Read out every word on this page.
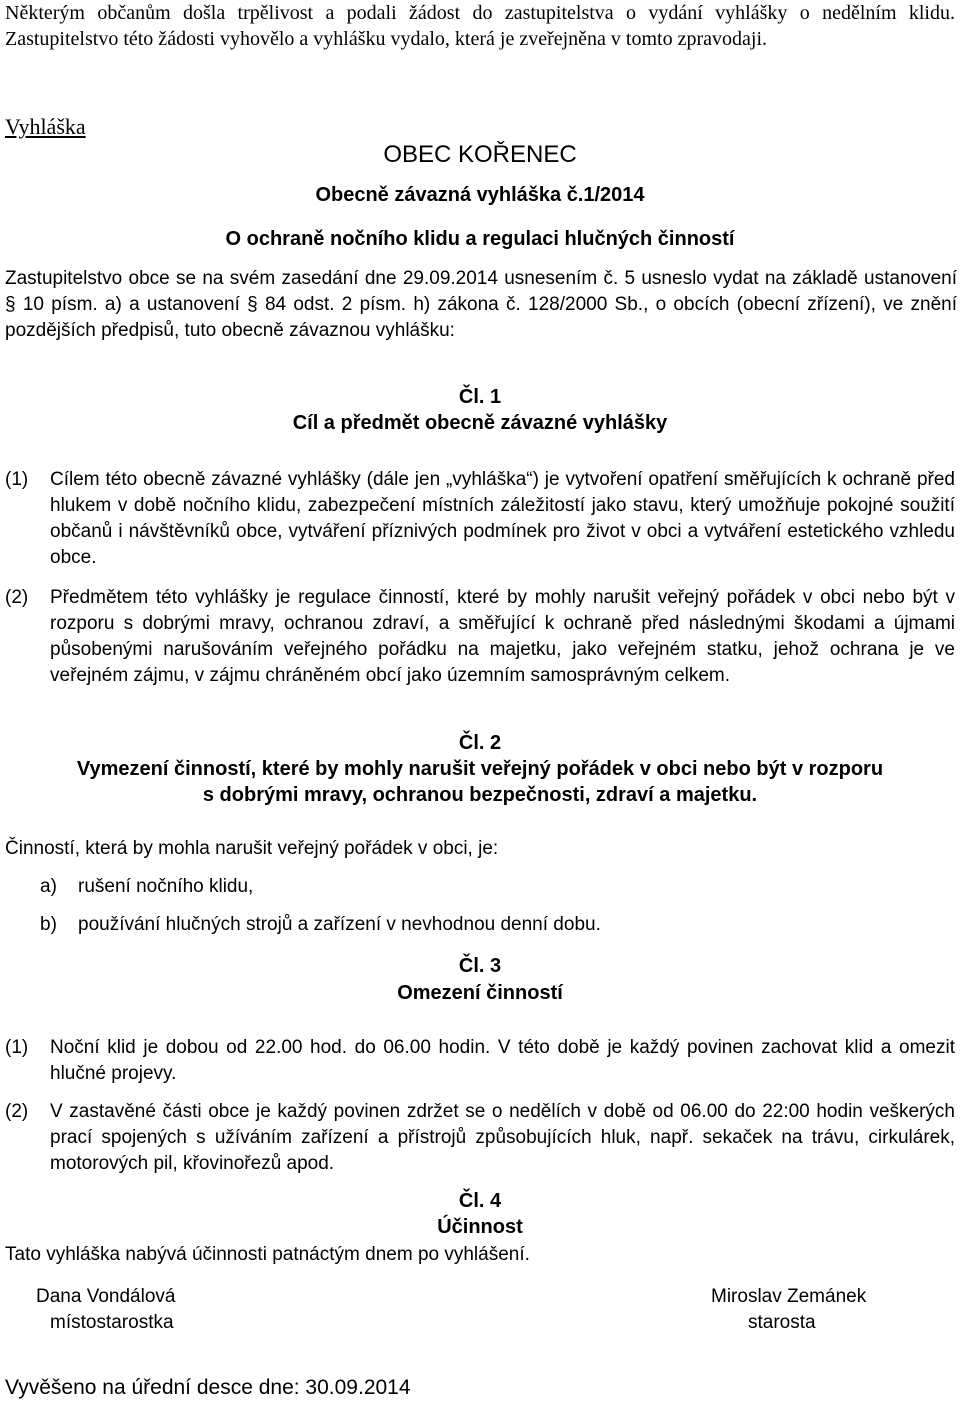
Některým občanům došla trpělivost a podali žádost do zastupitelstva o vydání vyhlášky o nedělním klidu. Zastupitelstvo této žádosti vyhovělo a vyhlášku vydalo, která je zveřejněna v tomto zpravodaji.
Vyhláška
OBEC KOŘENEC
Obecně závazná vyhláška č.1/2014
O ochraně nočního klidu a regulaci hlučných činností
Zastupitelstvo obce se na svém zasedání dne 29.09.2014 usnesením č. 5 usneslo vydat na základě ustanovení § 10 písm. a) a ustanovení § 84 odst. 2 písm. h) zákona č. 128/2000 Sb., o obcích (obecní zřízení), ve znění pozdějších předpisů, tuto obecně závaznou vyhlášku:
Čl. 1
Cíl a předmět obecně závazné vyhlášky
(1) Cílem této obecně závazné vyhlášky (dále jen „vyhláška“) je vytvoření opatření směřujících k ochraně před hlukem v době nočního klidu, zabezpečení místních záležitostí jako stavu, který umožňuje pokojné soužití občanů i návštěvníků obce, vytváření příznivých podmínek pro život v obci a vytváření estetického vzhledu obce.
(2) Předmětem této vyhlášky je regulace činností, které by mohly narušit veřejný pořádek v obci nebo být v rozporu s dobrými mravy, ochranou zdraví, a směřující k ochraně před následnými škodami a újmami působenými narušováním veřejného pořádku na majetku, jako veřejném statku, jehož ochrana je ve veřejném zájmu, v zájmu chráněném obcí jako územním samosprávným celkem.
Čl. 2
Vymezení činností, které by mohly narušit veřejný pořádek v obci nebo být v rozporu
s dobrými mravy, ochranou bezpečnosti, zdraví a majetku.
Činností, která by mohla narušit veřejný pořádek v obci, je:
a) rušení nočního klidu,
b) používání hlučných strojů a zařízení v nevhodnou denní dobu.
Čl. 3
Omezení činností
(1) Noční klid je dobou od 22.00 hod. do 06.00 hodin. V této době je každý povinen zachovat klid a omezit hlučné projevy.
(2) V zastavěné části obce je každý povinen zdržet se o nedělích v době od 06.00 do 22:00 hodin veškerých prací spojených s užíváním zařízení a přístrojů způsobujících hluk, např. sekaček na trávu, cirkulárek, motorových pil, křovinořezů apod.
Čl. 4
Účinnost
Tato vyhláška nabývá účinnosti patnáctým dnem po vyhlášení.
Dana Vondálová
místostarostka
Miroslav Zemánek
starosta
Vyvěšeno na úřední desce dne: 30.09.2014
